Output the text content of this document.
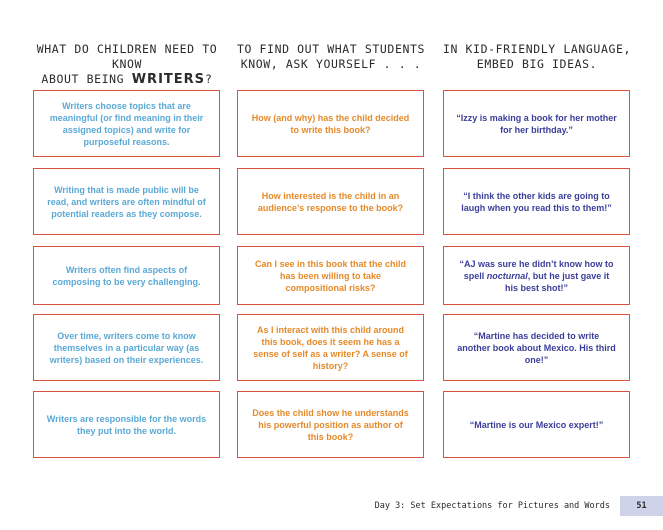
WHAT DO CHILDREN NEED TO KNOW
ABOUT BEING WRITERS?
TO FIND OUT WHAT STUDENTS
KNOW, ASK YOURSELF . . .
IN KID-FRIENDLY LANGUAGE,
EMBED BIG IDEAS.
Writers choose topics that are meaningful (or find meaning in their assigned topics) and write for purposeful reasons.
How (and why) has the child decided to write this book?
“Izzy is making a book for her mother for her birthday.”
Writing that is made public will be read, and writers are often mindful of potential readers as they compose.
How interested is the child in an audience’s response to the book?
“I think the other kids are going to laugh when you read this to them!”
Writers often find aspects of composing to be very challenging.
Can I see in this book that the child has been willing to take compositional risks?
“AJ was sure he didn’t know how to spell nocturnal, but he just gave it his best shot!”
Over time, writers come to know themselves in a particular way (as writers) based on their experiences.
As I interact with this child around this book, does it seem he has a sense of self as a writer? A sense of history?
“Martine has decided to write another book about Mexico. His third one!”
Writers are responsible for the words they put into the world.
Does the child show he understands his powerful position as author of this book?
“Martine is our Mexico expert!”
Day 3: Set Expectations for Pictures and Words	51
